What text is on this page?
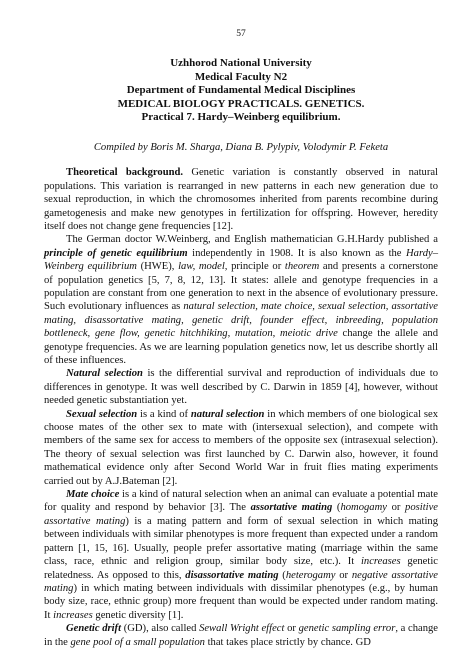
57
Uzhhorod National University
Medical Faculty N2
Department of Fundamental Medical Disciplines
MEDICAL BIOLOGY PRACTICALS. GENETICS.
Practical 7. Hardy–Weinberg equilibrium.
Compiled by Boris M. Sharga, Diana B. Pylypiv, Volodymir P. Feketa

Theoretical background. Genetic variation is constantly observed in natural populations. This variation is rearranged in new patterns in each new generation due to sexual reproduction, in which the chromosomes inherited from parents recombine during gametogenesis and make new genotypes in fertilization for offspring. However, heredity itself does not change gene frequencies [12].

The German doctor W.Weinberg, and English mathematician G.H.Hardy published a principle of genetic equilibrium independently in 1908. It is also known as the Hardy–Weinberg equilibrium (HWE), law, model, principle or theorem and presents a cornerstone of population genetics [5, 7, 8, 12, 13]. It states: allele and genotype frequencies in a population are constant from one generation to next in the absence of evolutionary pressure. Such evolutionary influences as natural selection, mate choice, sexual selection, assortative mating, disassortative mating, genetic drift, founder effect, inbreeding, population bottleneck, gene flow, genetic hitchhiking, mutation, meiotic drive change the allele and genotype frequencies. As we are learning population genetics now, let us describe shortly all of these influences.

Natural selection is the differential survival and reproduction of individuals due to differences in genotype. It was well described by C. Darwin in 1859 [4], however, without needed genetic substantiation yet.

Sexual selection is a kind of natural selection in which members of one biological sex choose mates of the other sex to mate with (intersexual selection), and compete with members of the same sex for access to members of the opposite sex (intrasexual selection). The theory of sexual selection was first launched by C. Darwin also, however, it found mathematical evidence only after Second World War in fruit flies mating experiments carried out by A.J.Bateman [2].

Mate choice is a kind of natural selection when an animal can evaluate a potential mate for quality and respond by behavior [3]. The assortative mating (homogamy or positive assortative mating) is a mating pattern and form of sexual selection in which mating between individuals with similar phenotypes is more frequent than expected under a random pattern [1, 15, 16]. Usually, people prefer assortative mating (marriage within the same class, race, ethnic and religion group, similar body size, etc.). It increases genetic relatedness. As opposed to this, disassortative mating (heterogamy or negative assortative mating) in which mating between individuals with dissimilar phenotypes (e.g., by human body size, race, ethnic group) more frequent than would be expected under random mating. It increases genetic diversity [1].

Genetic drift (GD), also called Sewall Wright effect or genetic sampling error, a change in the gene pool of a small population that takes place strictly by chance. GD
